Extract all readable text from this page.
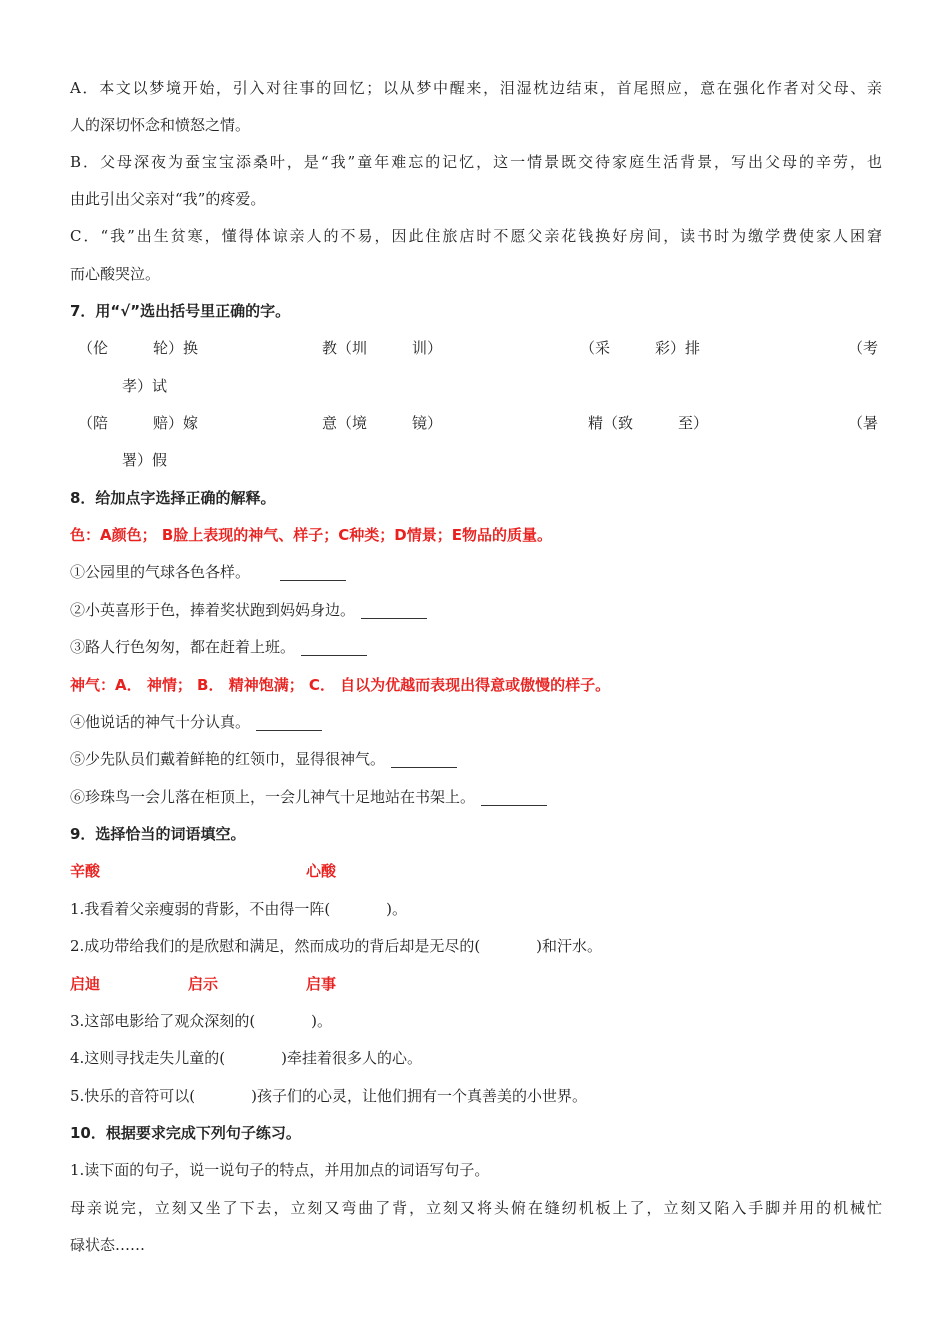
A．本文以梦境开始，引入对往事的回忆；以从梦中醒来，泪湿枕边结束，首尾照应，意在强化作者对父母、亲
人的深切怀念和愤怒之情。
B．父母深夜为蚕宝宝添桑叶，是“我”童年难忘的记忆，这一情景既交待家庭生活背景，写出父母的辛劳，也
由此引出父亲对“我”的疼爱。
C．“我”出生贫寒，懂得体谅亲人的不易，因此住旅店时不愿父亲花钱换好房间，读书时为缴学费使家人困窘
而心酸哭泣。
7．用“√”选出括号里正确的字。
（伦　　　轮）换	教（圳　　　训）	（采　　　彩）排	（考
孝）试
（陪　　　赔）嫁	意（境　　　镜）	精（致　　　至）	（暑
署）假
8．给加点字选择正确的解释。
色：A颜色； B脸上表现的神气、样子；C种类；D情景；E物品的质量。
①公园里的气球各色各样。
②小英喜形于色，捧着奖状跑到妈妈身边。
③路人行色匆匆，都在赶着上班。
神气：A． 神情； B． 精神饱满； C． 自以为优越而表现出得意或傲慢的样子。
④他说话的神气十分认真。
⑤少先队员们戴着鲜艳的红领巾，显得很神气。
⑥珍珠鸟一会儿落在柜顶上，一会儿神气十足地站在书架上。
9．选择恰当的词语填空。
辛酸	心酸
1.我看着父亲瘦弱的背影，不由得一阵(	)。
2.成功带给我们的是欣慰和满足，然而成功的背后却是无尽的(	)和汗水。
启迪	启示	启事
3.这部电影给了观众深刻的(	)。
4.这则寻找走失儿童的(	)牵挂着很多人的心。
5.快乐的音符可以(	)孩子们的心灵，让他们拥有一个真善美的小世界。
10．根据要求完成下列句子练习。
1.读下面的句子，说一说句子的特点，并用加点的词语写句子。
母亲说完，立刻又坐了下去，立刻又弯曲了背，立刻又将头俯在缝纫机板上了，立刻又陷入手脚并用的机械忙
碌状态……
